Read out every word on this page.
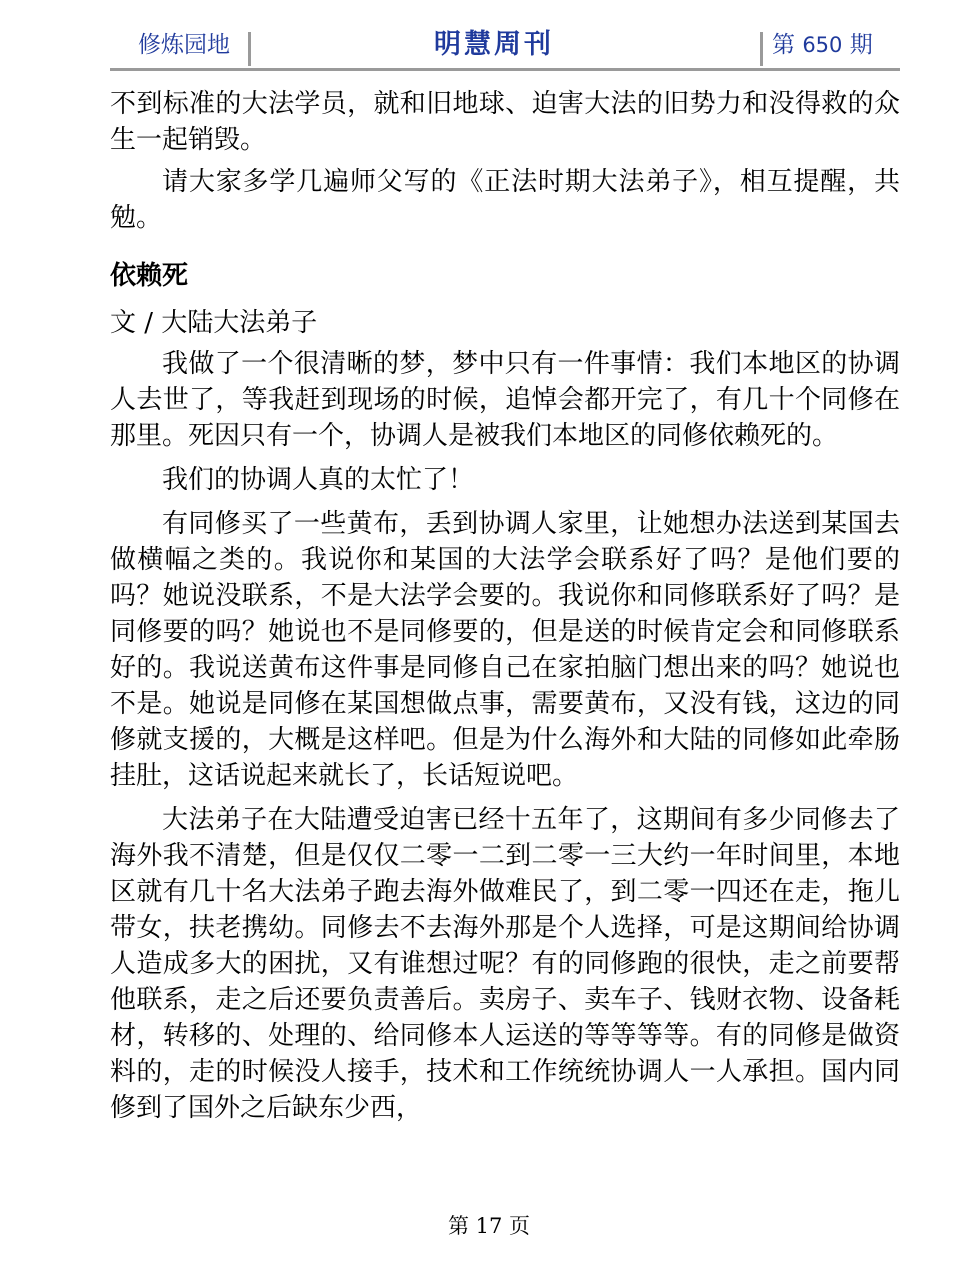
修炼园地	明慧周刊	第 650 期

不到标准的大法学员，就和旧地球、迫害大法的旧势力和没得救的众生一起销毁。

请大家多学几遍师父写的《正法时期大法弟子》，相互提醒，共勉。

依赖死
文 / 大陆大法弟子

我做了一个很清晰的梦，梦中只有一件事情：我们本地区的协调人去世了，等我赶到现场的时候，追悼会都开完了，有几十个同修在那里。死因只有一个，协调人是被我们本地区的同修依赖死的。

我们的协调人真的太忙了！

有同修买了一些黄布，丢到协调人家里，让她想办法送到某国去做横幅之类的。我说你和某国的大法学会联系好了吗？是他们要的吗？她说没联系，不是大法学会要的。我说你和同修联系好了吗？是同修要的吗？她说也不是同修要的，但是送的时候肯定会和同修联系好的。我说送黄布这件事是同修自己在家拍脑门想出来的吗？她说也不是。她说是同修在某国想做点事，需要黄布，又没有钱，这边的同修就支援的，大概是这样吧。但是为什么海外和大陆的同修如此牵肠挂肚，这话说起来就长了，长话短说吧。

大法弟子在大陆遭受迫害已经十五年了，这期间有多少同修去了海外我不清楚，但是仅仅二零一二到二零一三大约一年时间里，本地区就有几十名大法弟子跑去海外做难民了，到二零一四还在走，拖儿带女，扶老携幼。同修去不去海外那是个人选择，可是这期间给协调人造成多大的困扰，又有谁想过呢？有的同修跑的很快，走之前要帮他联系，走之后还要负责善后。卖房子、卖车子、钱财衣物、设备耗材，转移的、处理的、给同修本人运送的等等等等。有的同修是做资料的，走的时候没人接手，技术和工作统统协调人一人承担。国内同修到了国外之后缺东少西，

第 17 页
